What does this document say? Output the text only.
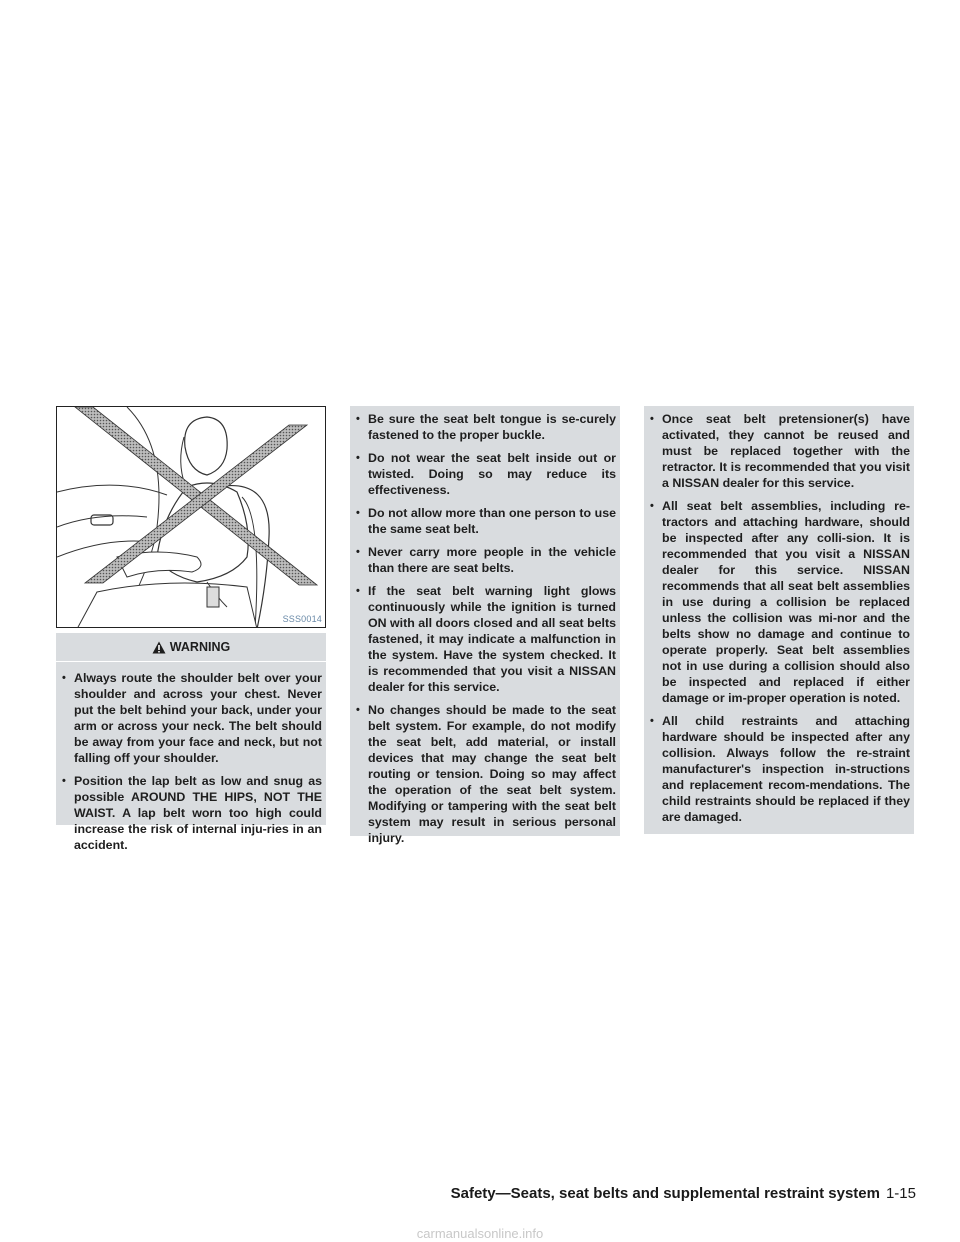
SSS0014
WARNING
• Always route the shoulder belt over your shoulder and across your chest. Never put the belt behind your back, under your arm or across your neck. The belt should be away from your face and neck, but not falling off your shoulder.
• Position the lap belt as low and snug as possible AROUND THE HIPS, NOT THE WAIST. A lap belt worn too high could increase the risk of internal inju-ries in an accident.
• Be sure the seat belt tongue is se-curely fastened to the proper buckle.
• Do not wear the seat belt inside out or twisted. Doing so may reduce its effectiveness.
• Do not allow more than one person to use the same seat belt.
• Never carry more people in the vehicle than there are seat belts.
• If the seat belt warning light glows continuously while the ignition is turned ON with all doors closed and all seat belts fastened, it may indicate a malfunction in the system. Have the system checked. It is recommended that you visit a NISSAN dealer for this service.
• No changes should be made to the seat belt system. For example, do not modify the seat belt, add material, or install devices that may change the seat belt routing or tension. Doing so may affect the operation of the seat belt system. Modifying or tampering with the seat belt system may result in serious personal injury.
• Once seat belt pretensioner(s) have activated, they cannot be reused and must be replaced together with the retractor. It is recommended that you visit a NISSAN dealer for this service.
• All seat belt assemblies, including re-tractors and attaching hardware, should be inspected after any colli-sion. It is recommended that you visit a NISSAN dealer for this service. NISSAN recommends that all seat belt assemblies in use during a collision be replaced unless the collision was mi-nor and the belts show no damage and continue to operate properly. Seat belt assemblies not in use during a collision should also be inspected and replaced if either damage or im-proper operation is noted.
• All child restraints and attaching hardware should be inspected after any collision. Always follow the re-straint manufacturer's inspection in-structions and replacement recom-mendations. The child restraints should be replaced if they are damaged.
Safety—Seats, seat belts and supplemental restraint system 1-15
carmanualsonline.info
